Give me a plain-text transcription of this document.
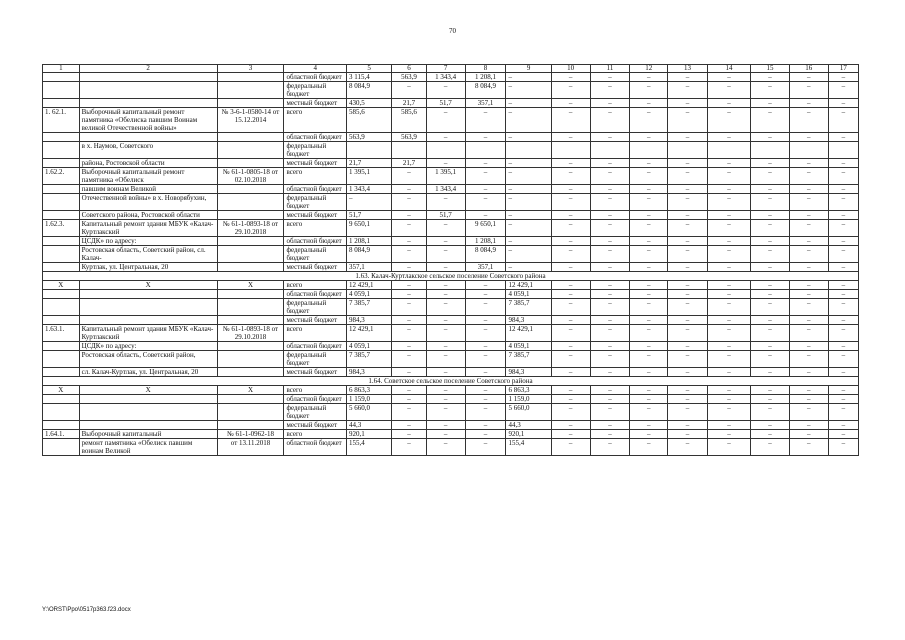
70
1	2	3	4	5	6	7	8	9	10	11	12	13	14	15	16	17
			областной бюджет	3 115,4	563,9	1 343,4	1 208,1	–	–	–	–	–	–	–	–	–
			федеральный бюджет	8 084,9	–	–	8 084,9	–	–	–	–	–	–	–	–	–
			местный бюджет	430,5	21,7	51,7	357,1	–	–	–	–	–	–	–	–	–
1. 62.1.	Выборочный капитальный ремонт памятника «Обелиска павшим Воинам великой Отечественной войны»	№ 3-6-1-0580-14 от 15.12.2014	всего	585,6	585,6	–	–	–	–	–	–	–	–	–	–	–
			областной бюджет	563,9	563,9	–	–	–	–	–	–	–	–	–	–	–
	в х. Наумов, Советского		федеральный бюджет													
	района, Ростовской области		местный бюджет	21,7	21,7	–	–	–	–	–	–	–	–	–	–	–
1.62.2.	Выборочный капитальный ремонт памятника «Обелиск	№ 61-1-0805-18 от 02.10.2018	всего	1 395,1	–	1 395,1	–	–	–	–	–	–	–	–	–	–
	павшим воинам Великой		областной бюджет	1 343,4	–	1 343,4	–	–	–	–	–	–	–	–	–	–
	Отечественной войны» в х. Новорябухин,		федеральный бюджет	–	–	–	–	–	–	–	–	–	–	–	–	–
	Советского района, Ростовской области		местный бюджет	51,7	–	51,7	–	–	–	–	–	–	–	–	–	–
1.62.3.	Капитальный ремонт здания МБУК «Калач-Куртлакский	№ 61-1-0893-18 от 29.10.2018	всего	9 650,1	–	–	9 650,1	–	–	–	–	–	–	–	–	–
	ЦСДК» по адресу:		областной бюджет	1 208,1	–	–	1 208,1	–	–	–	–	–	–	–	–	–
	Ростовская область, Советский район, сл. Калач-		федеральный бюджет	8 084,9	–	–	8 084,9	–	–	–	–	–	–	–	–	–
	Куртлак, ул. Центральная, 20		местный бюджет	357,1	–	–	357,1	–	–	–	–	–	–	–	–	–
1.63. Калач-Куртлакское сельское поселение Советского района																
Х	Х	Х	всего	12 429,1	–	–	–	12 429,1	–	–	–	–	–	–	–	–
			областной бюджет	4 059,1	–	–	–	4 059,1	–	–	–	–	–	–	–	–
			федеральный бюджет	7 385,7	–	–	–	7 385,7	–	–	–	–	–	–	–	–
			местный бюджет	984,3	–	–	–	984,3	–	–	–	–	–	–	–	–
1.63.1.	Капитальный ремонт здания МБУК «Калач-Куртлакский	№ 61-1-0893-18 от 29.10.2018	всего	12 429,1	–	–	–	12 429,1	–	–	–	–	–	–	–	–
	ЦСДК» по адресу:		областной бюджет	4 059,1	–	–	–	4 059,1	–	–	–	–	–	–	–	–
	Ростовская область, Советский район,		федеральный бюджет	7 385,7	–	–	–	7 385,7	–	–	–	–	–	–	–	–
	сл. Калач-Куртлак, ул. Центральная, 20		местный бюджет	984,3	–	–	–	984,3	–	–	–	–	–	–	–	–
1.64. Советское сельское поселение Советского района																
Х	Х	Х	всего	6 863,3	–	–	–	6 863,3	–	–	–	–	–	–	–	–
			областной бюджет	1 159,0	–	–	–	1 159,0	–	–	–	–	–	–	–	–
			федеральный бюджет	5 660,0	–	–	–	5 660,0	–	–	–	–	–	–	–	–
			местный бюджет	44,3	–	–	–	44,3	–	–	–	–	–	–	–	–
1.64.1.	Выборочный капитальный	№ 61-1-0962-18	всего	920,1	–	–	–	920,1	–	–	–	–	–	–	–	–
	ремонт памятника «Обелиск павшим воинам Великой	от 13.11.2018	областной бюджет	155,4	–	–	–	155,4	–	–	–	–	–	–	–	–
Y:\ORST\Ppo\0517p363.f23.docx
